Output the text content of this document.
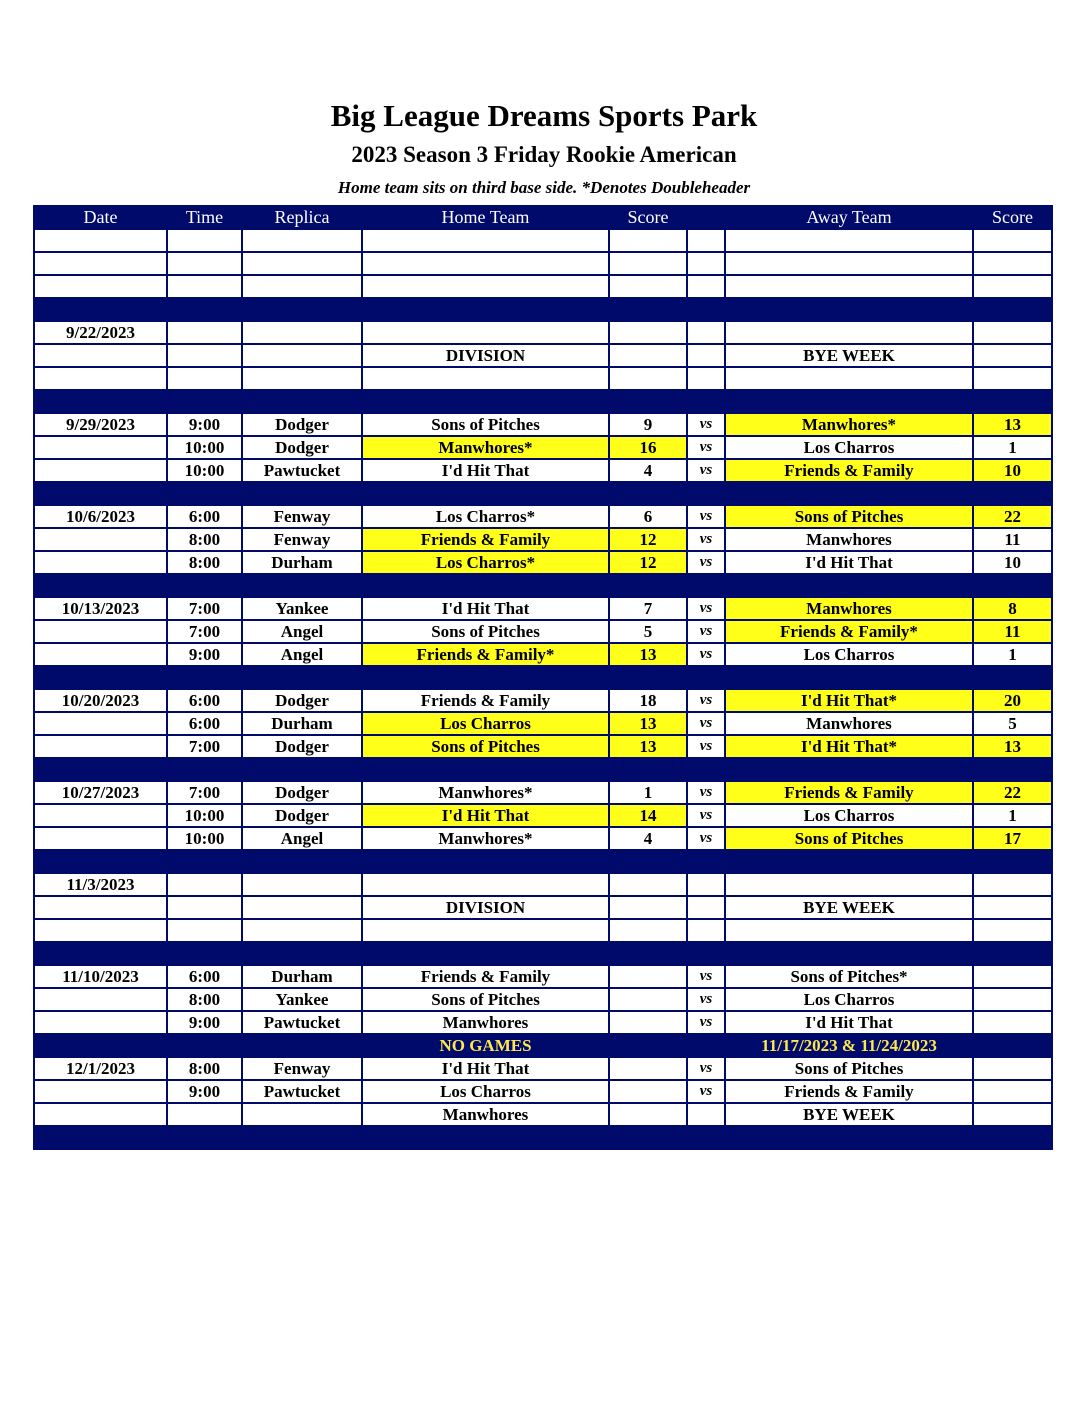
Big League Dreams Sports Park
2023 Season 3 Friday Rookie American
Home team sits on third base side. *Denotes Doubleheader
Date	Time	Replica	Home Team	Score		Away Team	Score

9/22/2023							
			DIVISION			BYE WEEK	

9/29/2023	9:00	Dodger	Sons of Pitches	9	vs	Manwhores*	13
	10:00	Dodger	Manwhores*	16	vs	Los Charros	1
	10:00	Pawtucket	I'd Hit That	4	vs	Friends & Family	10

10/6/2023	6:00	Fenway	Los Charros*	6	vs	Sons of Pitches	22
	8:00	Fenway	Friends & Family	12	vs	Manwhores	11
	8:00	Durham	Los Charros*	12	vs	I'd Hit That	10

10/13/2023	7:00	Yankee	I'd Hit That	7	vs	Manwhores	8
	7:00	Angel	Sons of Pitches	5	vs	Friends & Family*	11
	9:00	Angel	Friends & Family*	13	vs	Los Charros	1

10/20/2023	6:00	Dodger	Friends & Family	18	vs	I'd Hit That*	20
	6:00	Durham	Los Charros	13	vs	Manwhores	5
	7:00	Dodger	Sons of Pitches	13	vs	I'd Hit That*	13

10/27/2023	7:00	Dodger	Manwhores*	1	vs	Friends & Family	22
	10:00	Dodger	I'd Hit That	14	vs	Los Charros	1
	10:00	Angel	Manwhores*	4	vs	Sons of Pitches	17

11/3/2023							
			DIVISION			BYE WEEK	

11/10/2023	6:00	Durham	Friends & Family		vs	Sons of Pitches*	
	8:00	Yankee	Sons of Pitches		vs	Los Charros	
	9:00	Pawtucket	Manwhores		vs	I'd Hit That	
			NO GAMES			11/17/2023 & 11/24/2023	
12/1/2023	8:00	Fenway	I'd Hit That		vs	Sons of Pitches	
	9:00	Pawtucket	Los Charros		vs	Friends & Family	
			Manwhores			BYE WEEK	
